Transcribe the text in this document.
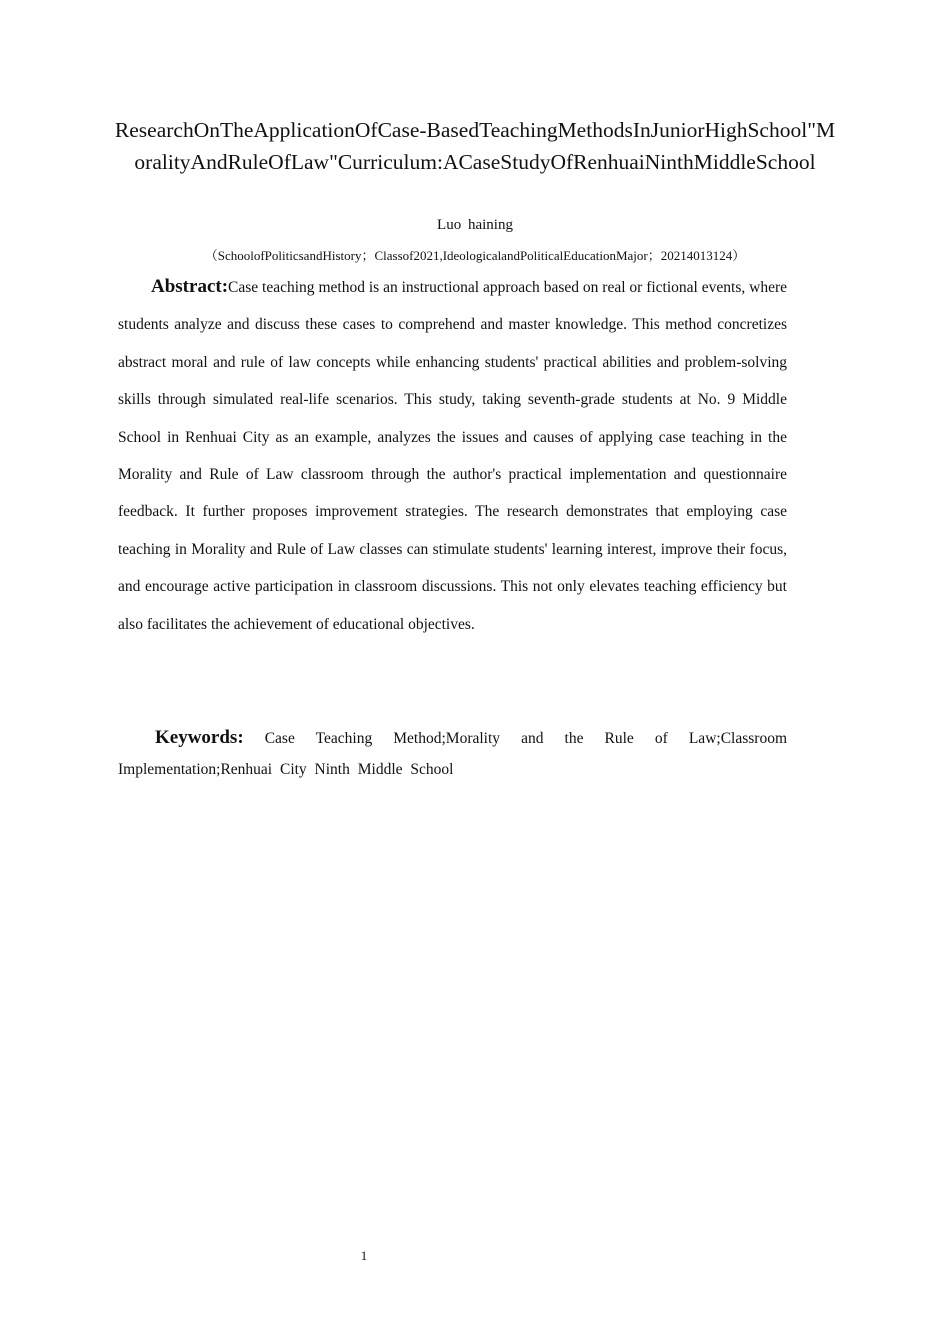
ResearchOnTheApplicationOfCase-BasedTeachingMethodsInJuniorHighSchool"MoralityAndRuleOfLaw"Curriculum:ACaseStudyOfRenhuaiNinthMiddleSchool
Luo haining
（SchoolofPoliticsandHistory；Classof2021,IdeologicalandPoliticalEducationMajor；20214013124）

Abstract:Case teaching method is an instructional approach based on real or fictional events, where students analyze and discuss these cases to comprehend and master knowledge. This method concretizes abstract moral and rule of law concepts while enhancing students' practical abilities and problem-solving skills through simulated real-life scenarios. This study, taking seventh-grade students at No. 9 Middle School in Renhuai City as an example, analyzes the issues and causes of applying case teaching in the Morality and Rule of Law classroom through the author's practical implementation and questionnaire feedback. It further proposes improvement strategies. The research demonstrates that employing case teaching in Morality and Rule of Law classes can stimulate students' learning interest, improve their focus, and encourage active participation in classroom discussions. This not only elevates teaching efficiency but also facilitates the achievement of educational objectives.

Keywords: Case Teaching Method;Morality and the Rule of Law;Classroom Implementation;Renhuai City Ninth Middle School

1
